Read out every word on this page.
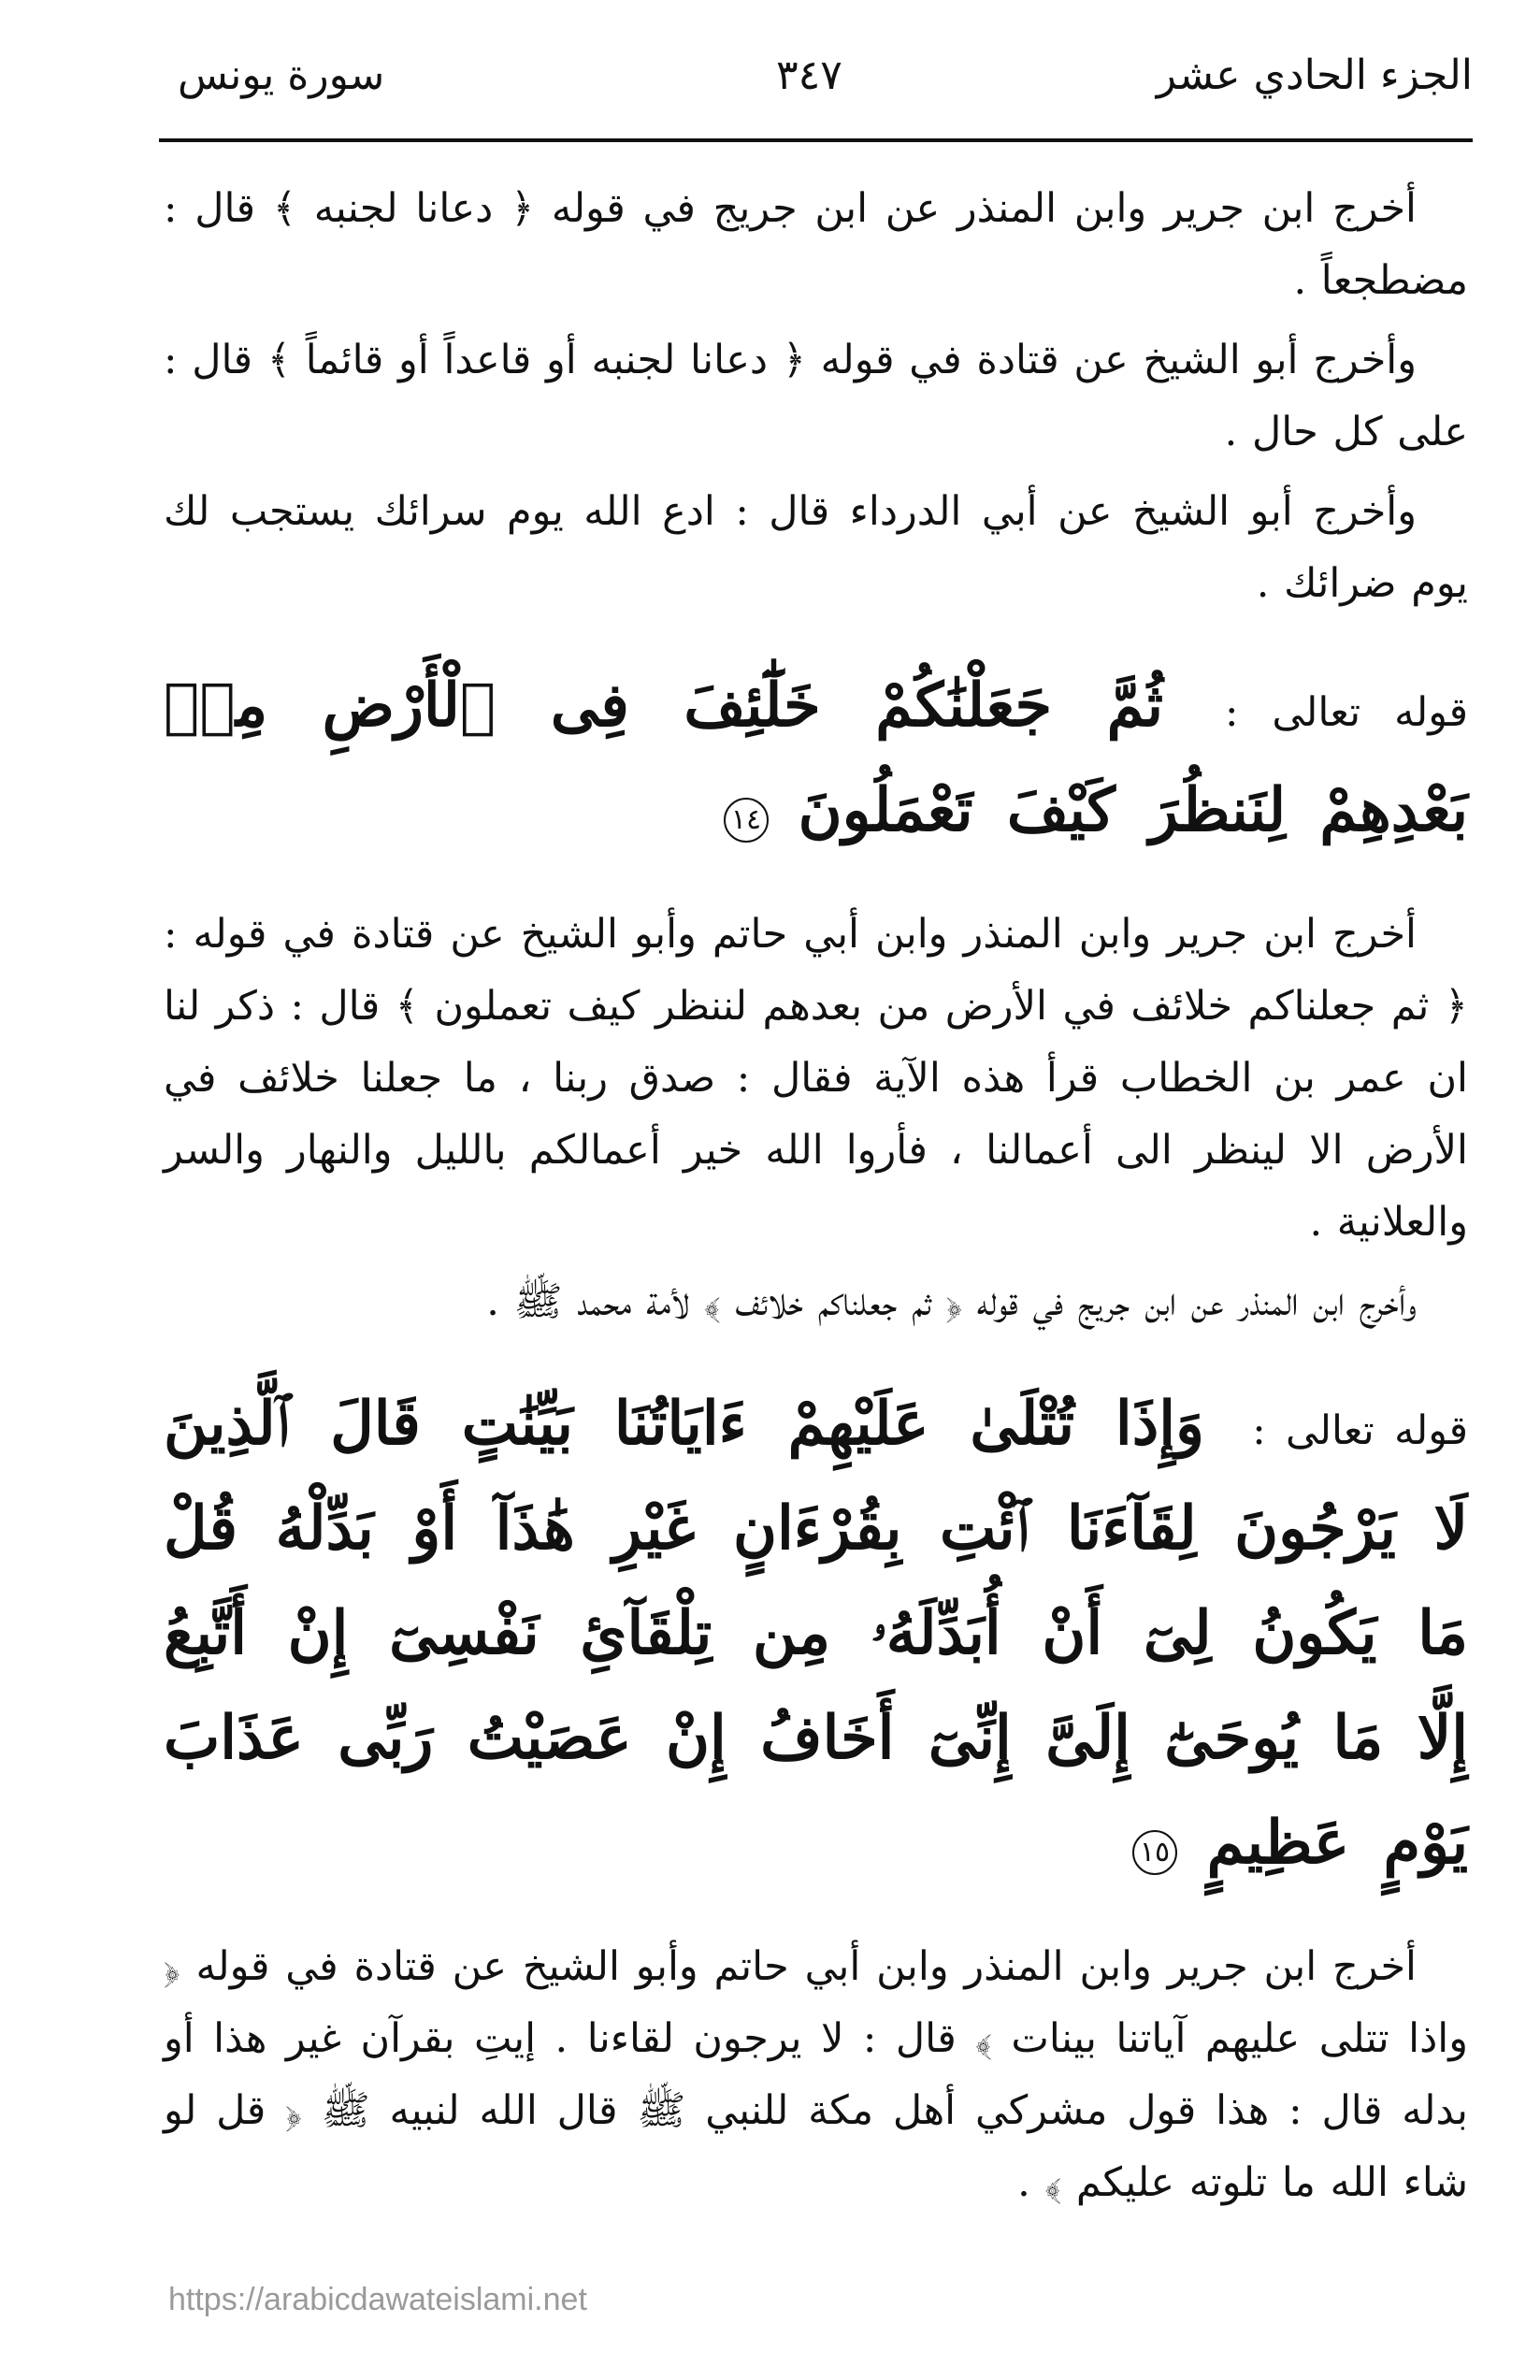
الجزء الحادي عشر
٣٤٧
سورة يونس

أخرج ابن جرير وابن المنذر عن ابن جريج في قوله ﴿ دعانا لجنبه ﴾ قال : مضطجعاً .

وأخرج أبو الشيخ عن قتادة في قوله ﴿ دعانا لجنبه أو قاعداً أو قائماً ﴾ قال : على كل حال .

وأخرج أبو الشيخ عن أبي الدرداء قال : ادع الله يوم سرائك يستجب لك يوم ضرائك .

قوله تعالى : ثُمَّ جَعَلْنَٰكُمْ خَلَٰٓئِفَ فِى ٱلْأَرْضِ مِنۢ بَعْدِهِمْ لِنَنظُرَ كَيْفَ تَعْمَلُونَ ١٤

أخرج ابن جرير وابن المنذر وابن أبي حاتم وأبو الشيخ عن قتادة في قوله : ﴿ ثم جعلناكم خلائف في الأرض من بعدهم لننظر كيف تعملون ﴾ قال : ذكر لنا ان عمر بن الخطاب قرأ هذه الآية فقال : صدق ربنا ، ما جعلنا خلائف في الأرض الا لينظر الى أعمالنا ، فأروا الله خير أعمالكم بالليل والنهار والسر والعلانية .

وأخرج ابن المنذر عن ابن جريج في قوله ﴿ ثم جعلناكم خلائف ﴾ لأمة محمد ﷺ .

قوله تعالى : وَإِذَا تُتْلَىٰ عَلَيْهِمْ ءَايَاتُنَا بَيِّنَٰتٍ قَالَ ٱلَّذِينَ لَا يَرْجُونَ لِقَآءَنَا ٱئْتِ بِقُرْءَانٍ غَيْرِ هَٰذَآ أَوْ بَدِّلْهُ قُلْ مَا يَكُونُ لِىٓ أَنْ أُبَدِّلَهُۥ مِن تِلْقَآئِ نَفْسِىٓ إِنْ أَتَّبِعُ إِلَّا مَا يُوحَىٰٓ إِلَىَّ إِنِّىٓ أَخَافُ إِنْ عَصَيْتُ رَبِّى عَذَابَ يَوْمٍ عَظِيمٍ ١٥

أخرج ابن جرير وابن المنذر وابن أبي حاتم وأبو الشيخ عن قتادة في قوله ﴿ واذا تتلى عليهم آياتنا بينات ﴾ قال : لا يرجون لقاءنا . إيتِ بقرآن غير هذا أو بدله قال : هذا قول مشركي أهل مكة للنبي ﷺ قال الله لنبيه ﷺ ﴿ قل لو شاء الله ما تلوته عليكم ﴾ .

https://arabicdawateislami.net
